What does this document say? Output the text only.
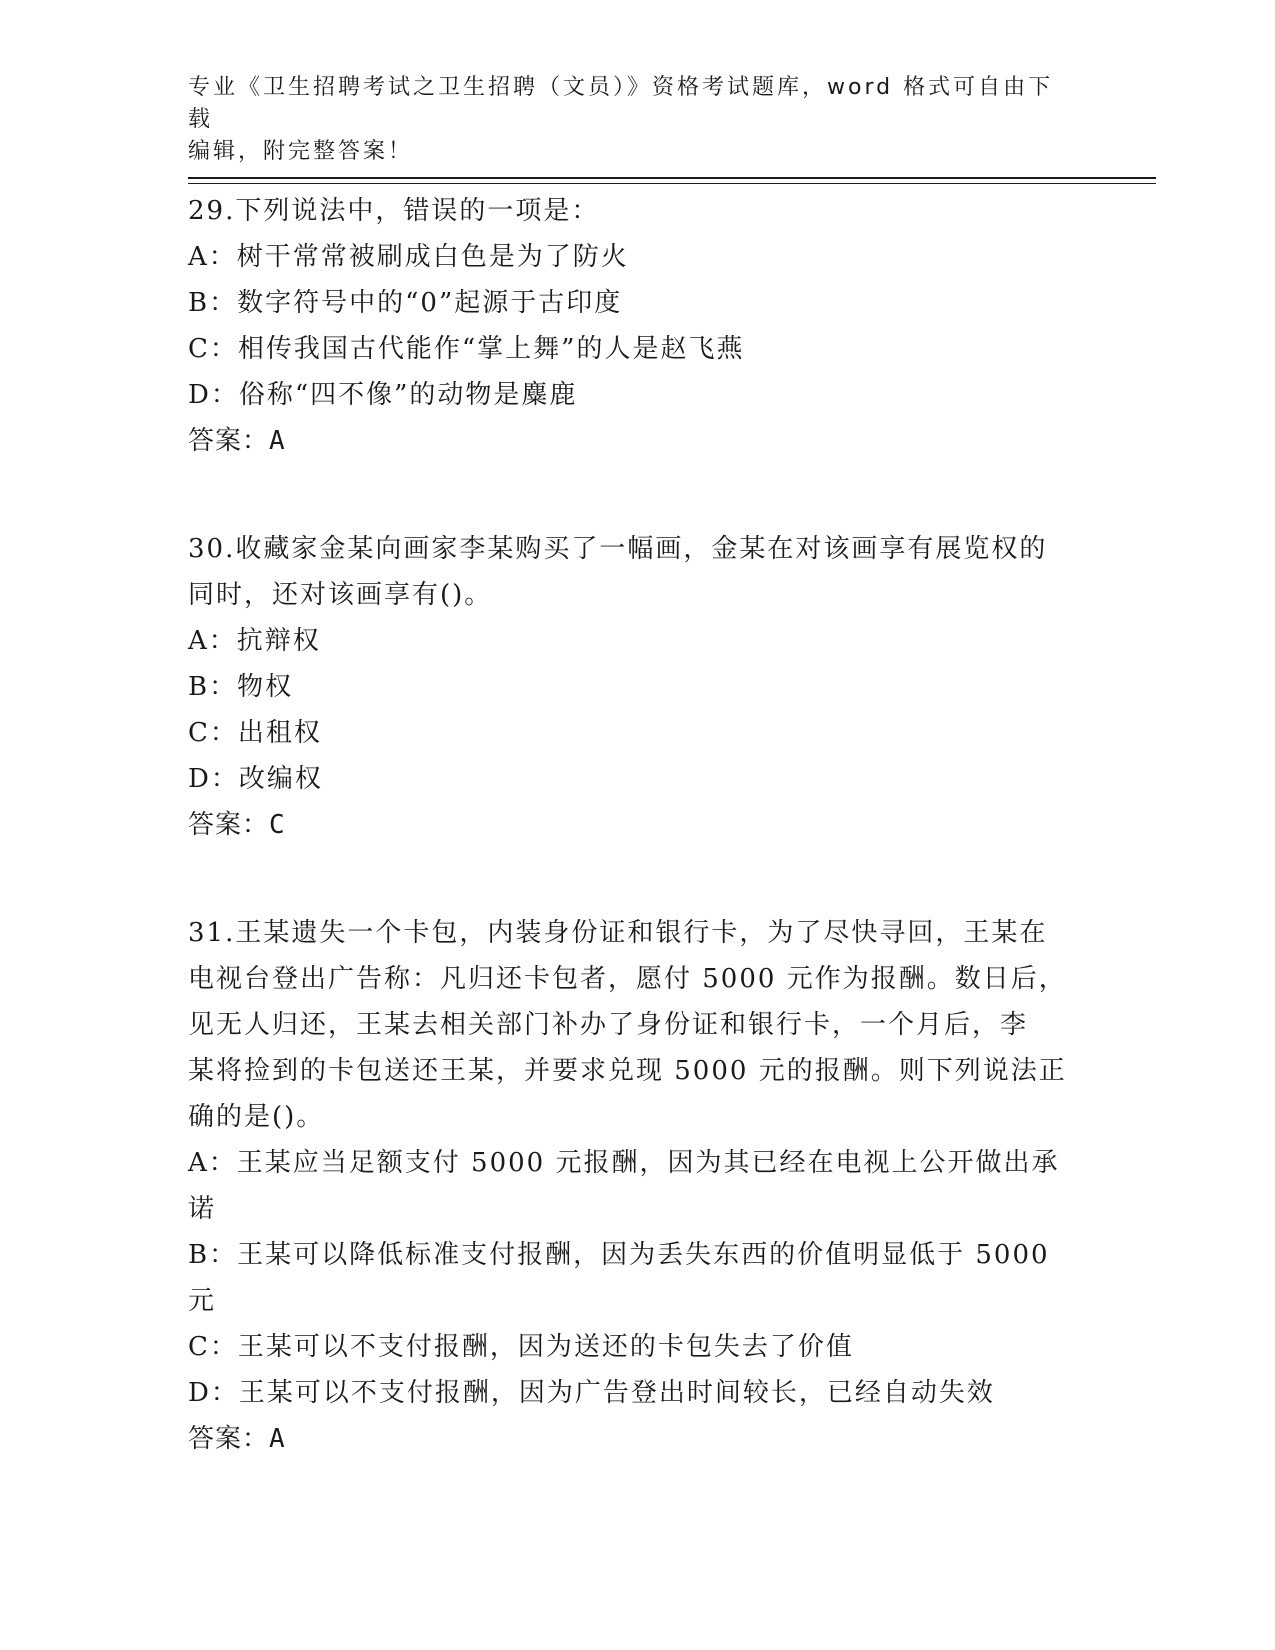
专业《卫生招聘考试之卫生招聘（文员）》资格考试题库，word 格式可自由下载
编辑，附完整答案！
29.下列说法中，错误的一项是：
A：树干常常被刷成白色是为了防火
B：数字符号中的“0”起源于古印度
C：相传我国古代能作“掌上舞”的人是赵飞燕
D：俗称“四不像”的动物是麋鹿
答案：A
30.收藏家金某向画家李某购买了一幅画，金某在对该画享有展览权的
同时，还对该画享有()。
A：抗辩权
B：物权
C：出租权
D：改编权
答案：C
31.王某遗失一个卡包，内装身份证和银行卡，为了尽快寻回，王某在
电视台登出广告称：凡归还卡包者，愿付 5000 元作为报酬。数日后，
见无人归还，王某去相关部门补办了身份证和银行卡，一个月后，李
某将捡到的卡包送还王某，并要求兑现 5000 元的报酬。则下列说法正
确的是()。
A：王某应当足额支付 5000 元报酬，因为其已经在电视上公开做出承
诺
B：王某可以降低标准支付报酬，因为丢失东西的价值明显低于 5000
元
C：王某可以不支付报酬，因为送还的卡包失去了价值
D：王某可以不支付报酬，因为广告登出时间较长，已经自动失效
答案：A
